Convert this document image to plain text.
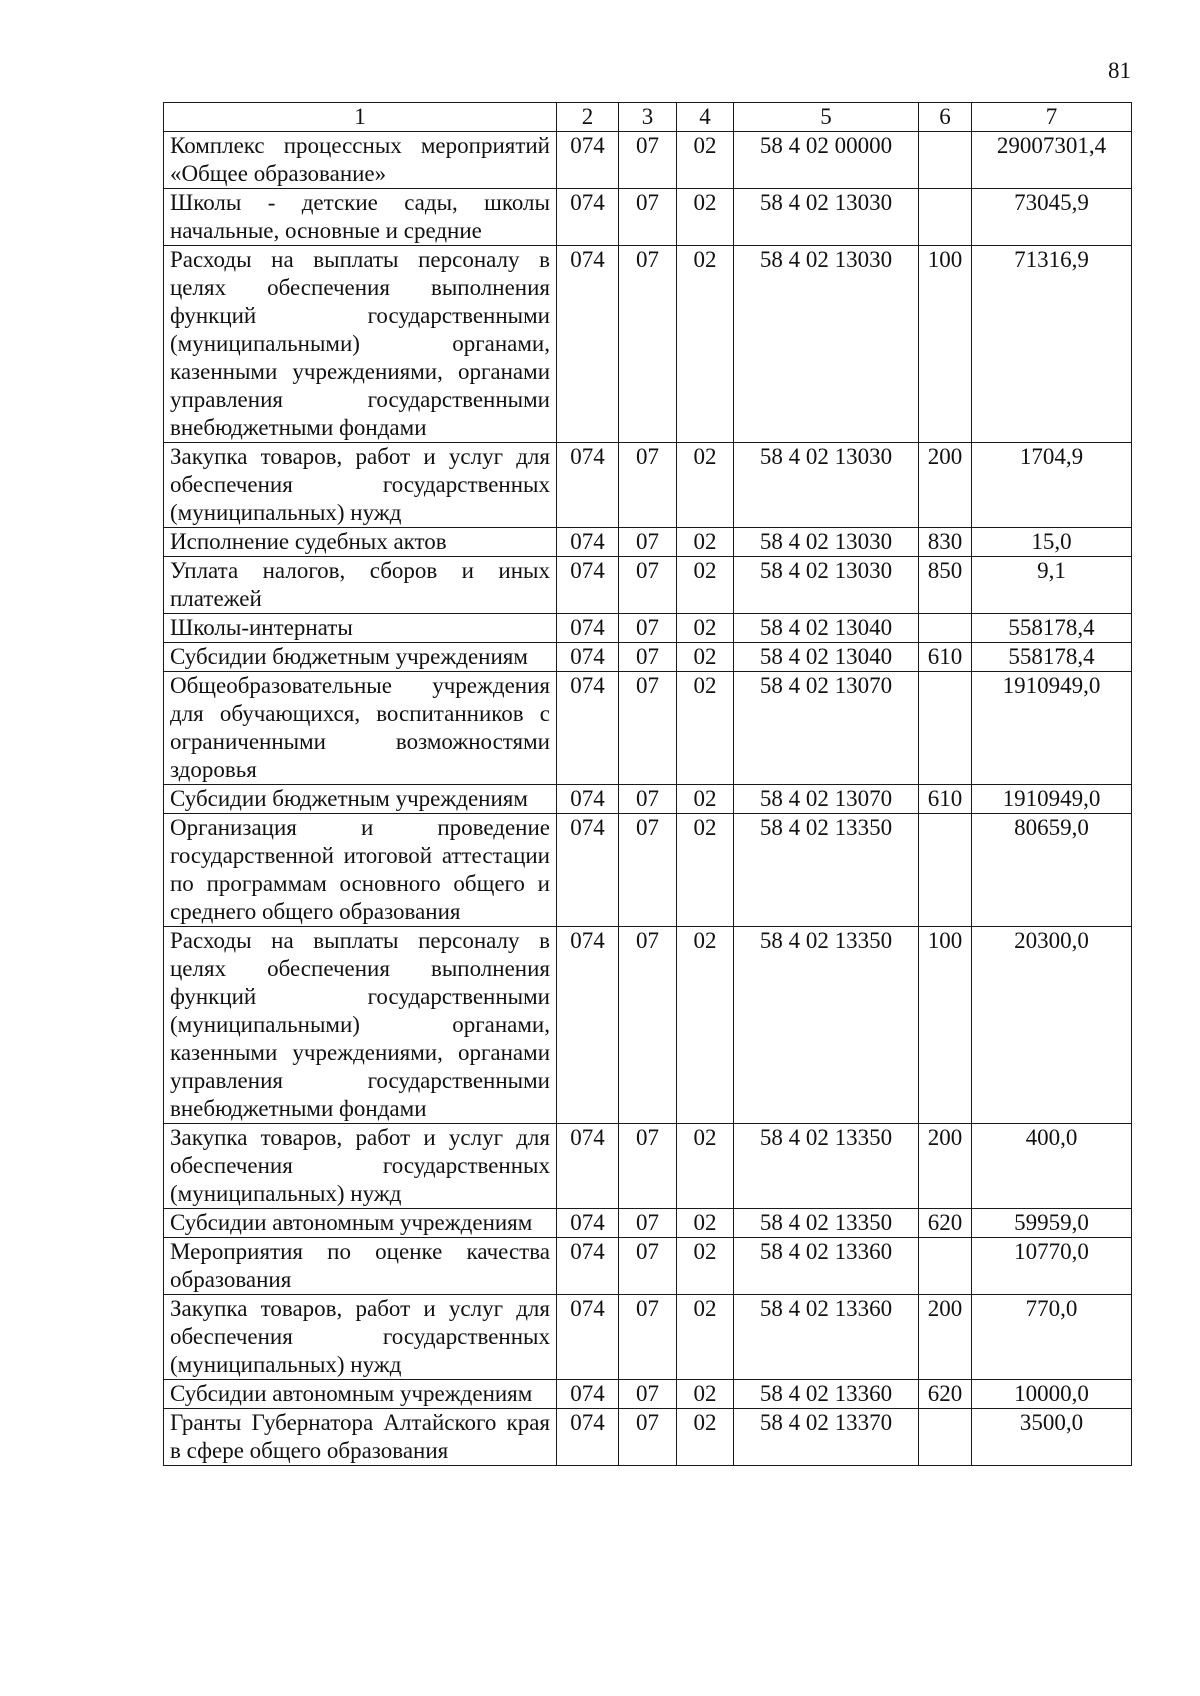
81
1	2	3	4	5	6	7
Комплекс процессных мероприятий «Общее образование»	074	07	02	58 4 02 00000		29007301,4
Школы - детские сады, школы начальные, основные и средние	074	07	02	58 4 02 13030		73045,9
Расходы на выплаты персоналу в целях обеспечения выполнения функций государственными (муниципальными) органами, казенными учреждениями, органами управления государственными внебюджетными фондами	074	07	02	58 4 02 13030	100	71316,9
Закупка товаров, работ и услуг для обеспечения государственных (муниципальных) нужд	074	07	02	58 4 02 13030	200	1704,9
Исполнение судебных актов	074	07	02	58 4 02 13030	830	15,0
Уплата налогов, сборов и иных платежей	074	07	02	58 4 02 13030	850	9,1
Школы-интернаты	074	07	02	58 4 02 13040		558178,4
Субсидии бюджетным учреждениям	074	07	02	58 4 02 13040	610	558178,4
Общеобразовательные учреждения для обучающихся, воспитанников с ограниченными возможностями здоровья	074	07	02	58 4 02 13070		1910949,0
Субсидии бюджетным учреждениям	074	07	02	58 4 02 13070	610	1910949,0
Организация и проведение государственной итоговой аттестации по программам основного общего и среднего общего образования	074	07	02	58 4 02 13350		80659,0
Расходы на выплаты персоналу в целях обеспечения выполнения функций государственными (муниципальными) органами, казенными учреждениями, органами управления государственными внебюджетными фондами	074	07	02	58 4 02 13350	100	20300,0
Закупка товаров, работ и услуг для обеспечения государственных (муниципальных) нужд	074	07	02	58 4 02 13350	200	400,0
Субсидии автономным учреждениям	074	07	02	58 4 02 13350	620	59959,0
Мероприятия по оценке качества образования	074	07	02	58 4 02 13360		10770,0
Закупка товаров, работ и услуг для обеспечения государственных (муниципальных) нужд	074	07	02	58 4 02 13360	200	770,0
Субсидии автономным учреждениям	074	07	02	58 4 02 13360	620	10000,0
Гранты Губернатора Алтайского края в сфере общего образования	074	07	02	58 4 02 13370		3500,0
